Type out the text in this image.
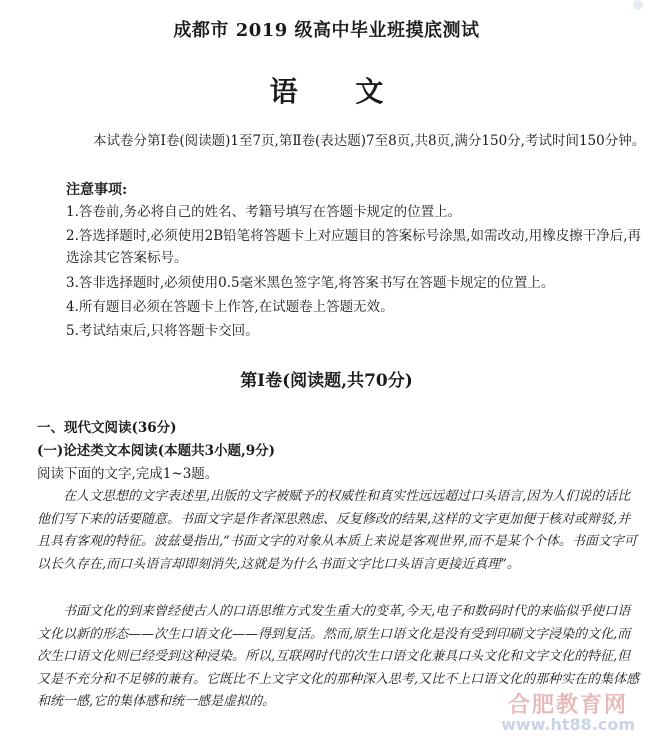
成都市 2019 级高中毕业班摸底测试
语 文
本试卷分第Ⅰ卷(阅读题)1至7页,第Ⅱ卷(表达题)7至8页,共8页,满分150分,考试时间150分钟。
注意事项:
1.答卷前,务必将自己的姓名、考籍号填写在答题卡规定的位置上。
2.答选择题时,必须使用2B铅笔将答题卡上对应题目的答案标号涂黑,如需改动,用橡皮擦干净后,再选涂其它答案标号。
3.答非选择题时,必须使用0.5毫米黑色签字笔,将答案书写在答题卡规定的位置上。
4.所有题目必须在答题卡上作答,在试题卷上答题无效。
5.考试结束后,只将答题卡交回。
第Ⅰ卷(阅读题,共70分)
一、现代文阅读(36分)
(一)论述类文本阅读(本题共3小题,9分)
阅读下面的文字,完成1~3题。
在人文思想的文字表述里,出版的文字被赋予的权威性和真实性远远超过口头语言,因为人们说的话比他们写下来的话要随意。书面文字是作者深思熟虑、反复修改的结果,这样的文字更加便于核对或辩驳,并且具有客观的特征。波兹曼指出,“书面文字的对象从本质上来说是客观世界,而不是某个个体。书面文字可以长久存在,而口头语言却即刻消失,这就是为什么书面文字比口头语言更接近真理”。
书面文化的到来曾经使古人的口语思维方式发生重大的变革,今天,电子和数码时代的来临似乎使口语文化以新的形态——次生口语文化——得到复活。然而,原生口语文化是没有受到印刷文字浸染的文化,而次生口语文化则已经受到这种浸染。所以,互联网时代的次生口语文化兼具口头文化和文字文化的特征,但又是不充分和不足够的兼有。它既比不上文字文化的那种深入思考,又比不上口语文化的那种实在的集体感和统一感,它的集体感和统一感是虚拟的。	合肥教育网
www.ht88.com
